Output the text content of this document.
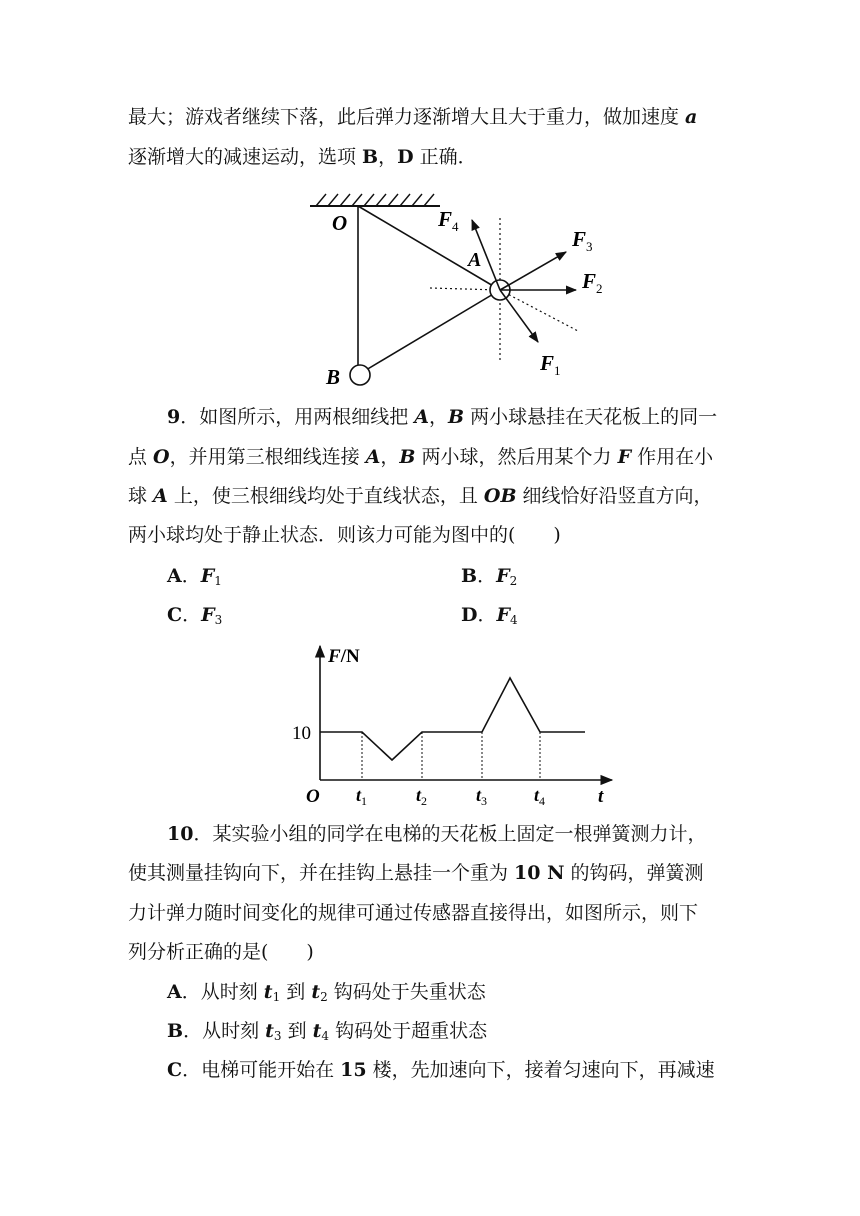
最大；游戏者继续下落，此后弹力逐渐增大且大于重力，做加速度 a
逐渐增大的减速运动，选项 B，D 正确．
O
B
A
$F_4$
$F_3$
$F_2$
$F_1$
9．如图所示，用两根细线把 A，B 两小球悬挂在天花板上的同一
点 O，并用第三根细线连接 A，B 两小球，然后用某个力 F 作用在小
球 A 上，使三根细线均处于直线状态，且 OB 细线恰好沿竖直方向，
两小球均处于静止状态．则该力可能为图中的(　　)
A．$F_1$	B．$F_2$
C．$F_3$	D．$F_4$
F/N
10
O	t
$t_1$	$t_2$	$t_3$	$t_4$
10．某实验小组的同学在电梯的天花板上固定一根弹簧测力计，
使其测量挂钩向下，并在挂钩上悬挂一个重为 10 N 的钩码，弹簧测
力计弹力随时间变化的规律可通过传感器直接得出，如图所示，则下
列分析正确的是(　　)
A．从时刻 $t_1$ 到 $t_2$ 钩码处于失重状态
B．从时刻 $t_3$ 到 $t_4$ 钩码处于超重状态
C．电梯可能开始在 15 楼，先加速向下，接着匀速向下，再减速
